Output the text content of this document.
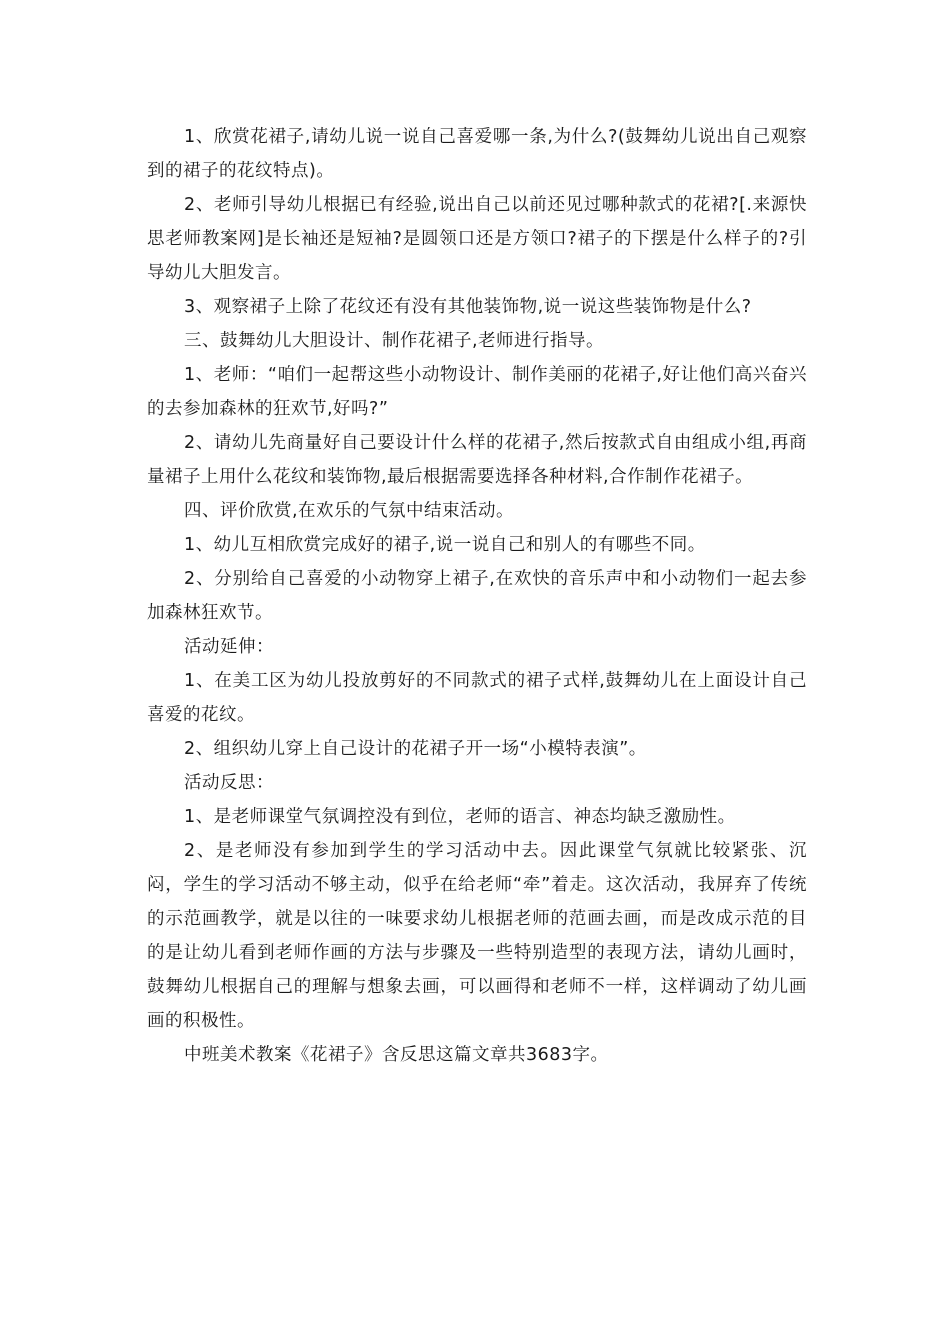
1、欣赏花裙子,请幼儿说一说自己喜爱哪一条,为什么?(鼓舞幼儿说出自己观察到的裙子的花纹特点)。

2、老师引导幼儿根据已有经验,说出自己以前还见过哪种款式的花裙?[.来源快思老师教案网]是长袖还是短袖?是圆领口还是方领口?裙子的下摆是什么样子的?引导幼儿大胆发言。

3、观察裙子上除了花纹还有没有其他装饰物,说一说这些装饰物是什么?

三、鼓舞幼儿大胆设计、制作花裙子,老师进行指导。

1、老师：“咱们一起帮这些小动物设计、制作美丽的花裙子,好让他们高兴奋兴的去参加森林的狂欢节,好吗?”

2、请幼儿先商量好自己要设计什么样的花裙子,然后按款式自由组成小组,再商量裙子上用什么花纹和装饰物,最后根据需要选择各种材料,合作制作花裙子。

四、评价欣赏,在欢乐的气氛中结束活动。

1、幼儿互相欣赏完成好的裙子,说一说自己和别人的有哪些不同。

2、分别给自己喜爱的小动物穿上裙子,在欢快的音乐声中和小动物们一起去参加森林狂欢节。

活动延伸：

1、在美工区为幼儿投放剪好的不同款式的裙子式样,鼓舞幼儿在上面设计自己喜爱的花纹。

2、组织幼儿穿上自己设计的花裙子开一场“小模特表演”。

活动反思：

1、是老师课堂气氛调控没有到位，老师的语言、神态均缺乏激励性。

2、是老师没有参加到学生的学习活动中去。因此课堂气氛就比较紧张、沉闷，学生的学习活动不够主动，似乎在给老师“牵”着走。这次活动，我屏弃了传统的示范画教学，就是以往的一味要求幼儿根据老师的范画去画，而是改成示范的目的是让幼儿看到老师作画的方法与步骤及一些特别造型的表现方法，请幼儿画时，鼓舞幼儿根据自己的理解与想象去画，可以画得和老师不一样，这样调动了幼儿画画的积极性。

中班美术教案《花裙子》含反思这篇文章共3683字。
